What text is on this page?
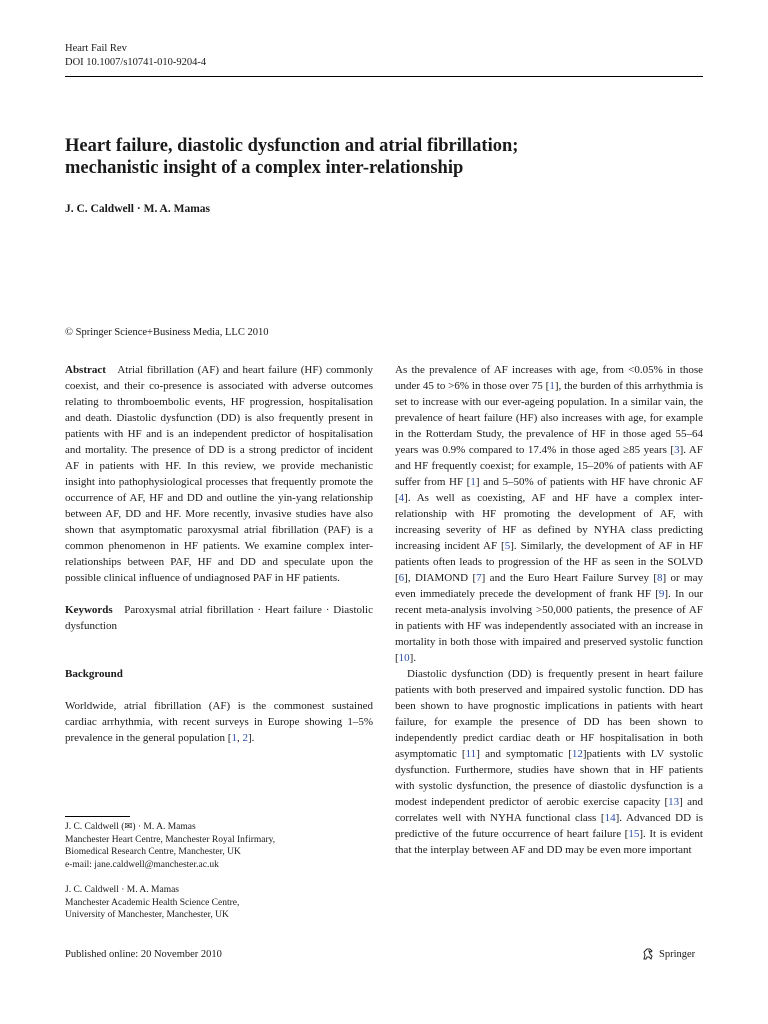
Heart Fail Rev
DOI 10.1007/s10741-010-9204-4
Heart failure, diastolic dysfunction and atrial fibrillation;
mechanistic insight of a complex inter-relationship
J. C. Caldwell · M. A. Mamas
© Springer Science+Business Media, LLC 2010

Abstract Atrial fibrillation (AF) and heart failure (HF) commonly coexist, and their co-presence is associated with adverse outcomes relating to thromboembolic events, HF progression, hospitalisation and death. Diastolic dysfunction (DD) is also frequently present in patients with HF and is an independent predictor of hospitalisation and mortality. The presence of DD is a strong predictor of incident AF in patients with HF. In this review, we provide mechanistic insight into pathophysiological processes that frequently promote the occurrence of AF, HF and DD and outline the yin-yang relationship between AF, DD and HF. More recently, invasive studies have also shown that asymptomatic paroxysmal atrial fibrillation (PAF) is a common phenomenon in HF patients. We examine complex inter-relationships between PAF, HF and DD and speculate upon the possible clinical influence of undiagnosed PAF in HF patients.

Keywords Paroxysmal atrial fibrillation · Heart failure · Diastolic dysfunction

Background

Worldwide, atrial fibrillation (AF) is the commonest sustained cardiac arrhythmia, with recent surveys in Europe showing 1–5% prevalence in the general population [1, 2].

J. C. Caldwell (✉) · M. A. Mamas
Manchester Heart Centre, Manchester Royal Infirmary,
Biomedical Research Centre, Manchester, UK
e-mail: jane.caldwell@manchester.ac.uk
J. C. Caldwell · M. A. Mamas
Manchester Academic Health Science Centre,
University of Manchester, Manchester, UK

As the prevalence of AF increases with age, from <0.05% in those under 45 to >6% in those over 75 [1], the burden of this arrhythmia is set to increase with our ever-ageing population. In a similar vain, the prevalence of heart failure (HF) also increases with age, for example in the Rotterdam Study, the prevalence of HF in those aged 55–64 years was 0.9% compared to 17.4% in those aged ≥85 years [3]. AF and HF frequently coexist; for example, 15–20% of patients with AF suffer from HF [1] and 5–50% of patients with HF have chronic AF [4]. As well as coexisting, AF and HF have a complex inter-relationship with HF promoting the development of AF, with increasing severity of HF as defined by NYHA class predicting increasing incident AF [5]. Similarly, the development of AF in HF patients often leads to progression of the HF as seen in the SOLVD [6], DIAMOND [7] and the Euro Heart Failure Survey [8] or may even immediately precede the development of frank HF [9]. In our recent meta-analysis involving >50,000 patients, the presence of AF in patients with HF was independently associated with an increase in mortality in both those with impaired and preserved systolic function [10].

Diastolic dysfunction (DD) is frequently present in heart failure patients with both preserved and impaired systolic function. DD has been shown to have prognostic implications in patients with heart failure, for example the presence of DD has been shown to independently predict cardiac death or HF hospitalisation in both asymptomatic [11] and symptomatic [12]patients with LV systolic dysfunction. Furthermore, studies have shown that in HF patients with systolic dysfunction, the presence of diastolic dysfunction is a modest independent predictor of aerobic exercise capacity [13] and correlates well with NYHA functional class [14]. Advanced DD is predictive of the future occurrence of heart failure [15]. It is evident that the interplay between AF and DD may be even more important

Published online: 20 November 2010	Springer
